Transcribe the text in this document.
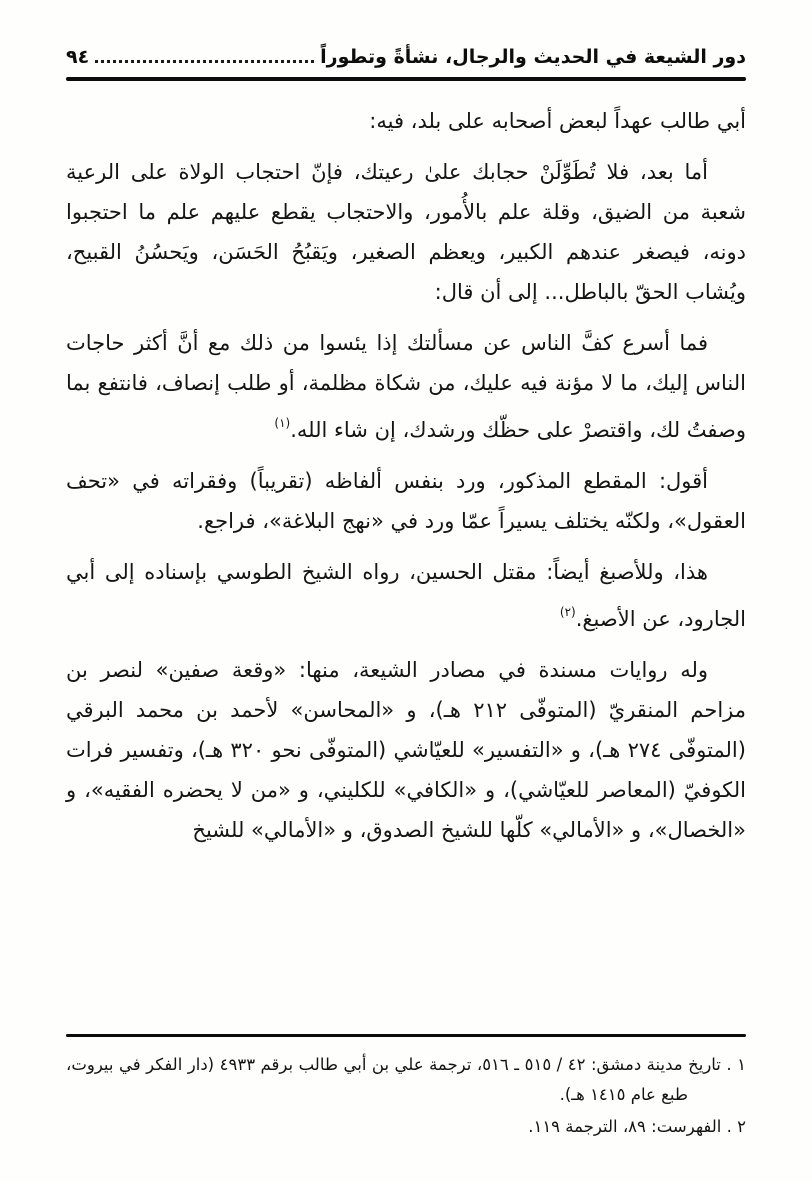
دور الشيعة في الحديث والرجال، نشأةً وتطوراً
٩٤

أبي طالب عهداً لبعض أصحابه على بلد، فيه:

أما بعد، فلا تُطَوِّلَنْ حجابك علىٰ رعيتك، فإنّ احتجاب الولاة على الرعية شعبة من الضيق، وقلة علم بالأُمور، والاحتجاب يقطع عليهم علم ما احتجبوا دونه، فيصغر عندهم الكبير، ويعظم الصغير، ويَقبُحُ الحَسَن، ويَحسُنُ القبيح، ويُشاب الحقّ بالباطل... إلى أن قال:

فما أسرع كفَّ الناس عن مسألتك إذا يئسوا من ذلك مع أنَّ أكثر حاجات الناس إليك، ما لا مؤنة فيه عليك، من شكاة مظلمة، أو طلب إنصاف، فانتفع بما وصفتُ لك، واقتصرْ على حظّك ورشدك، إن شاء الله.$^{(١)}$

أقول: المقطع المذكور، ورد بنفس ألفاظه (تقريباً) وفقراته في «تحف العقول»، ولكنّه يختلف يسيراً عمّا ورد في «نهج البلاغة»، فراجع.

هذا، وللأصبغ أيضاً: مقتل الحسين، رواه الشيخ الطوسي بإسناده إلى أبي الجارود، عن الأصبغ.$^{(٢)}$

وله روايات مسندة في مصادر الشيعة، منها: «وقعة صفين» لنصر بن مزاحم المنقريّ (المتوفّى ٢١٢ هـ)، و «المحاسن» لأحمد بن محمد البرقي (المتوفّى ٢٧٤ هـ)، و «التفسير» للعيّاشي (المتوفّى نحو ٣٢٠ هـ)، وتفسير فرات الكوفيّ (المعاصر للعيّاشي)، و «الكافي» للكليني، و «من لا يحضره الفقيه»، و «الخصال»، و «الأمالي» كلّها للشيخ الصدوق، و «الأمالي» للشيخ

١ . تاريخ مدينة دمشق: ٤٢ / ٥١٥ ـ ٥١٦، ترجمة علي بن أبي طالب برقم ٤٩٣٣ (دار الفكر في بيروت، طبع عام ١٤١٥ هـ).

٢ . الفهرست: ٨٩، الترجمة ١١٩.
